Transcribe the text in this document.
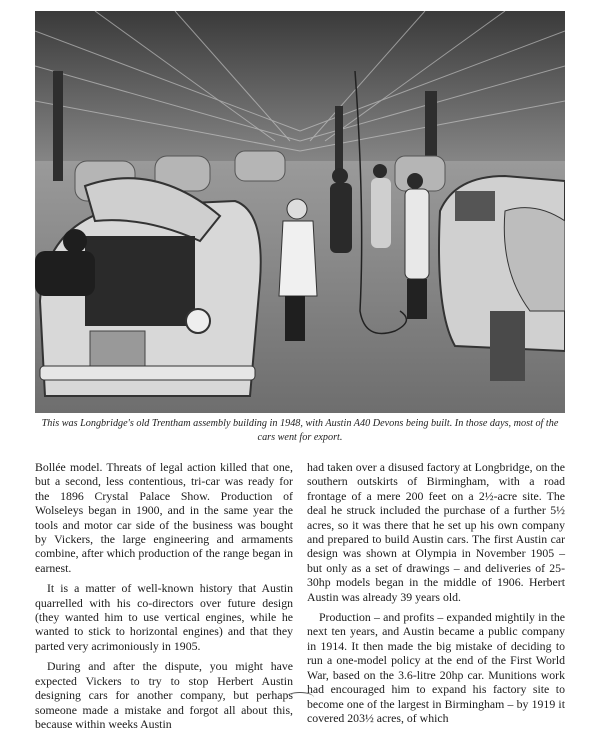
This was Longbridge's old Trentham assembly building in 1948, with Austin A40 Devons being built. In those days, most of the cars went for export.

Bollée model. Threats of legal action killed that one, but a second, less contentious, tri-car was ready for the 1896 Crystal Palace Show. Production of Wolseleys began in 1900, and in the same year the tools and motor car side of the business was bought by Vickers, the large engineering and armaments combine, after which production of the range began in earnest.

It is a matter of well-known history that Austin quarrelled with his co-directors over future design (they wanted him to use vertical engines, while he wanted to stick to horizontal engines) and that they parted very acrimoniously in 1905.

During and after the dispute, you might have expected Vickers to try to stop Herbert Austin designing cars for another company, but perhaps someone made a mistake and forgot all about this, because within weeks Austin

had taken over a disused factory at Longbridge, on the southern outskirts of Birmingham, with a road frontage of a mere 200 feet on a 2½-acre site. The deal he struck included the purchase of a further 5½ acres, so it was there that he set up his own company and prepared to build Austin cars. The first Austin car design was shown at Olympia in November 1905 – but only as a set of drawings – and deliveries of 25-30hp models began in the middle of 1906. Herbert Austin was already 39 years old.

Production – and profits – expanded mightily in the next ten years, and Austin became a public company in 1914. It then made the big mistake of deciding to run a one-model policy at the end of the First World War, based on the 3.6-litre 20hp car. Munitions work had encouraged him to expand his factory site to become one of the largest in Birmingham – by 1919 it covered 203½ acres, of which
